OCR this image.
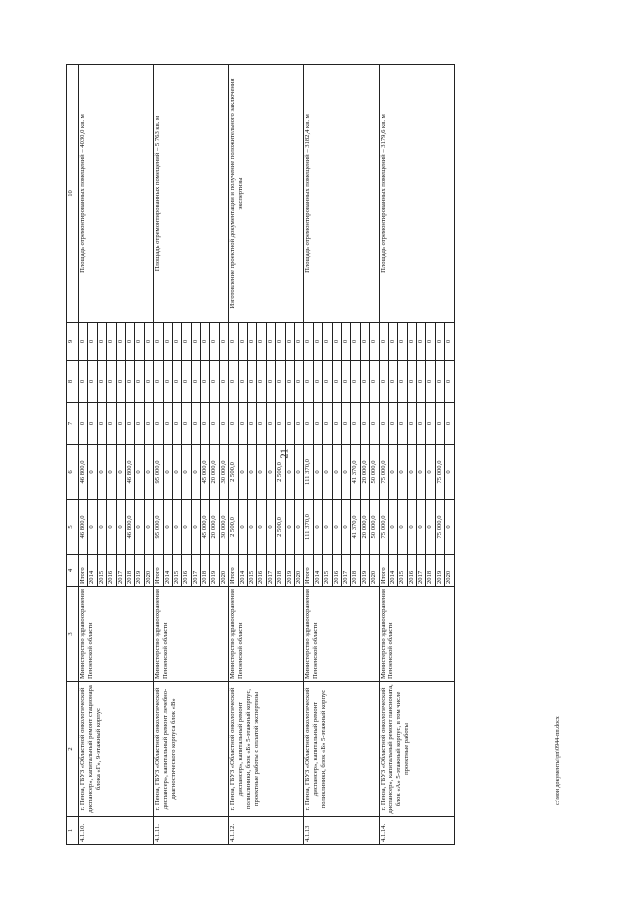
21
c:\мои документы\рп\0944-пп.docx
1	2	3	4	5	6	7	8	9	10
4.1.10.	г. Пенза, ГБУЗ «Областной онкологический диспансер», капитальный ремонт стационара блока «Г», 9-этажный корпус	Министерство здравоохранения Пензенской области	Итого	46 800,0	46 800,0	0	0	0	Площадь отремонтированных помещений – 4030,0 кв. м
			2014	0	0	0	0	0	
			2015	0	0	0	0	0	
			2016	0	0	0	0	0	
			2017	0	0	0	0	0	
			2018	46 800,0	46 800,0	0	0	0	
			2019	0	0	0	0	0	
			2020	0	0	0	0	0	
4.1.11.	г. Пенза, ГБУЗ «Областной онкологический диспансер», капитальный ремонт лечебно-диагностического корпуса блок «В»	Министерство здравоохранения Пензенской области	Итого	95 000,0	95 000,0	0	0	0	Площадь отремонтированных помещений – 5 763 кв. м
			2014	0	0	0	0	0	
			2015	0	0	0	0	0	
			2016	0	0	0	0	0	
			2017	0	0	0	0	0	
			2018	45 000,0	45 000,0	0	0	0	
			2019	20 000,0	20 000,0	0	0	0	
			2020	30 000,0	30 000,0	0	0	0	
4.1.12.	г. Пенза, ГБУЗ «Областной онкологический диспансер», капитальный ремонт поликлиники, блок «Б» 5-этажный корпус, проектные работы с оплатой экспертизы	Министерство здравоохранения Пензенской области	Итого	2 500,0	2 500,0	0	0	0	Изготовление проектной документации и получение положительного заключения экспертизы
			2014	0	0	0	0	0	
			2015	0	0	0	0	0	
			2016	0	0	0	0	0	
			2017	0	0	0	0	0	
			2018	2 500,0	2 500,0	0	0	0	
			2019	0	0	0	0	0	
			2020	0	0	0	0	0	
4.1.13	г. Пенза, ГБУЗ «Областной онкологический диспансер», капитальный ремонт поликлиники, блок «Б» 5-этажный корпус	Министерство здравоохранения Пензенской области	Итого	111 370,0	111 370,0	0	0	0	Площадь отремонтированных помещений – 3182,4 кв. м
			2014	0	0	0	0	0	
			2015	0	0	0	0	0	
			2016	0	0	0	0	0	
			2017	0	0	0	0	0	
			2018	41 370,0	41 370,0	0	0	0	
			2019	20 000,0	20 000,0	0	0	0	
			2020	50 000,0	50 000,0	0	0	0	
4.1.14.	г. Пенза, ГБУЗ «Областной онкологический диспансер», капитальный ремонт пансионата, блок «А» 5-этажный корпус, в том числе проектные работы	Министерство здравоохранения Пензенской области	Итого	75 000,0	75 000,0	0	0	0	Площадь отремонтированных помещений – 3179,6 кв. м
			2014	0	0	0	0	0	
			2015	0	0	0	0	0	
			2016	0	0	0	0	0	
			2017	0	0	0	0	0	
			2018	0	0	0	0	0	
			2019	75 000,0	75 000,0	0	0	0	
			2020	0	0	0	0	0	
